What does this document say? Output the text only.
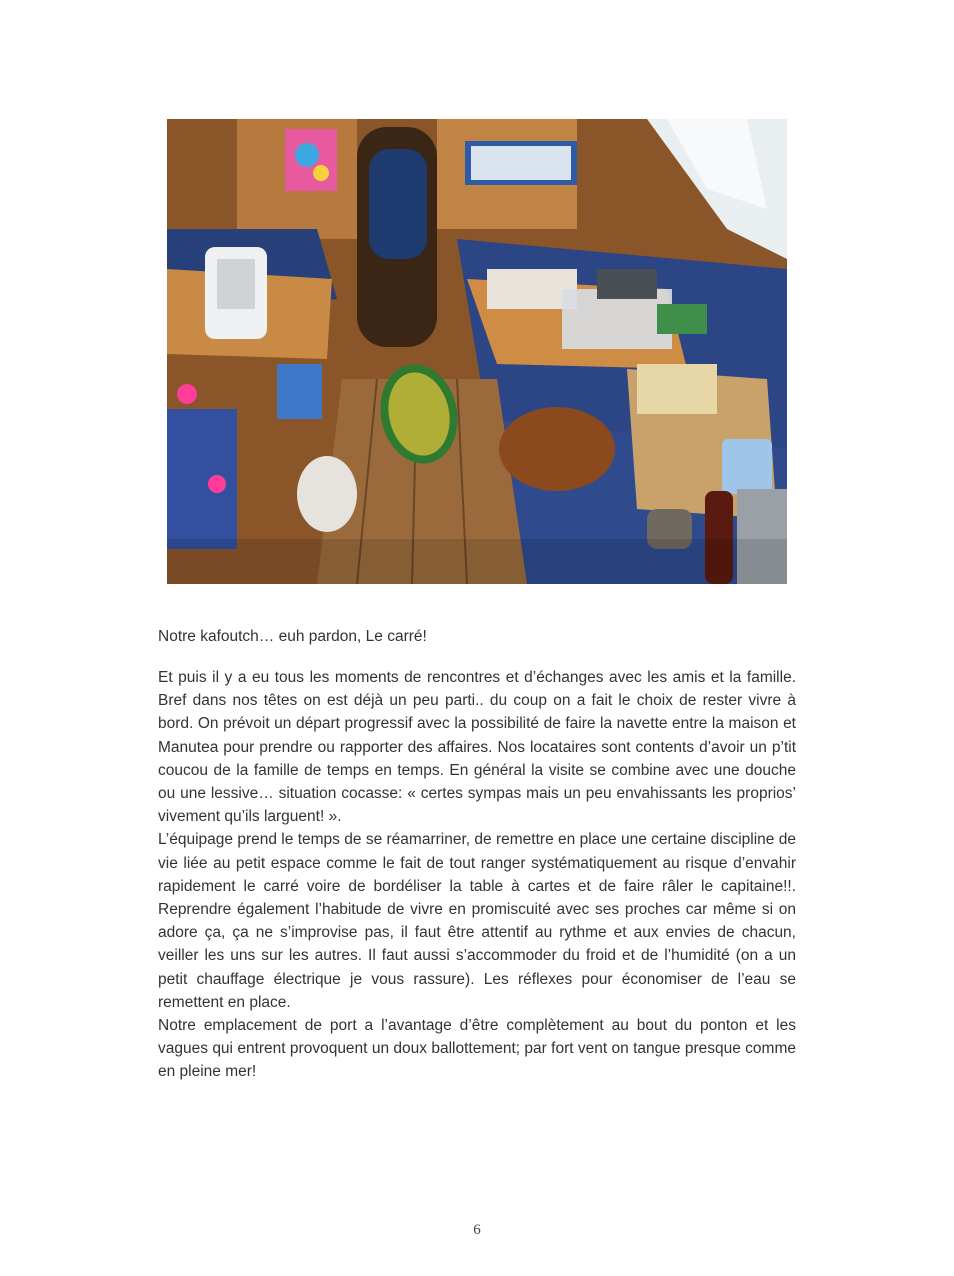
Notre kafoutch… euh pardon, Le carré!

Et puis il y a eu tous les moments de rencontres et d’échanges avec les amis et la famille. Bref dans nos têtes on est déjà un peu parti.. du coup on a fait le choix de rester vivre à bord. On prévoit un départ progressif avec la possibilité de faire la navette entre la maison et Manutea pour prendre ou rapporter des affaires. Nos locataires sont contents d’avoir un p’tit coucou de la famille de temps en temps. En général la visite se combine avec une douche ou une lessive… situation cocasse: « certes sympas mais un peu envahissants les proprios’ vivement qu’ils larguent! ».

L’équipage prend le temps de se réamarriner, de remettre en place une certaine discipline de vie liée au petit espace comme le fait de tout ranger systématiquement au risque d’envahir rapidement le carré voire de bordéliser la table à cartes et de faire râler le capitaine!!. Reprendre également l’habitude de vivre en promiscuité avec ses proches car même si on adore ça, ça ne s’improvise pas, il faut être attentif au rythme et aux envies de chacun, veiller les uns sur les autres. Il faut aussi s’accommoder du froid et de l’humidité (on a un petit chauffage électrique je vous rassure). Les réflexes pour économiser de l’eau se remettent en place.

Notre emplacement de port a l’avantage d’être complètement au bout du ponton et les vagues qui entrent provoquent un doux ballottement; par fort vent on tangue presque comme en pleine mer!

6
